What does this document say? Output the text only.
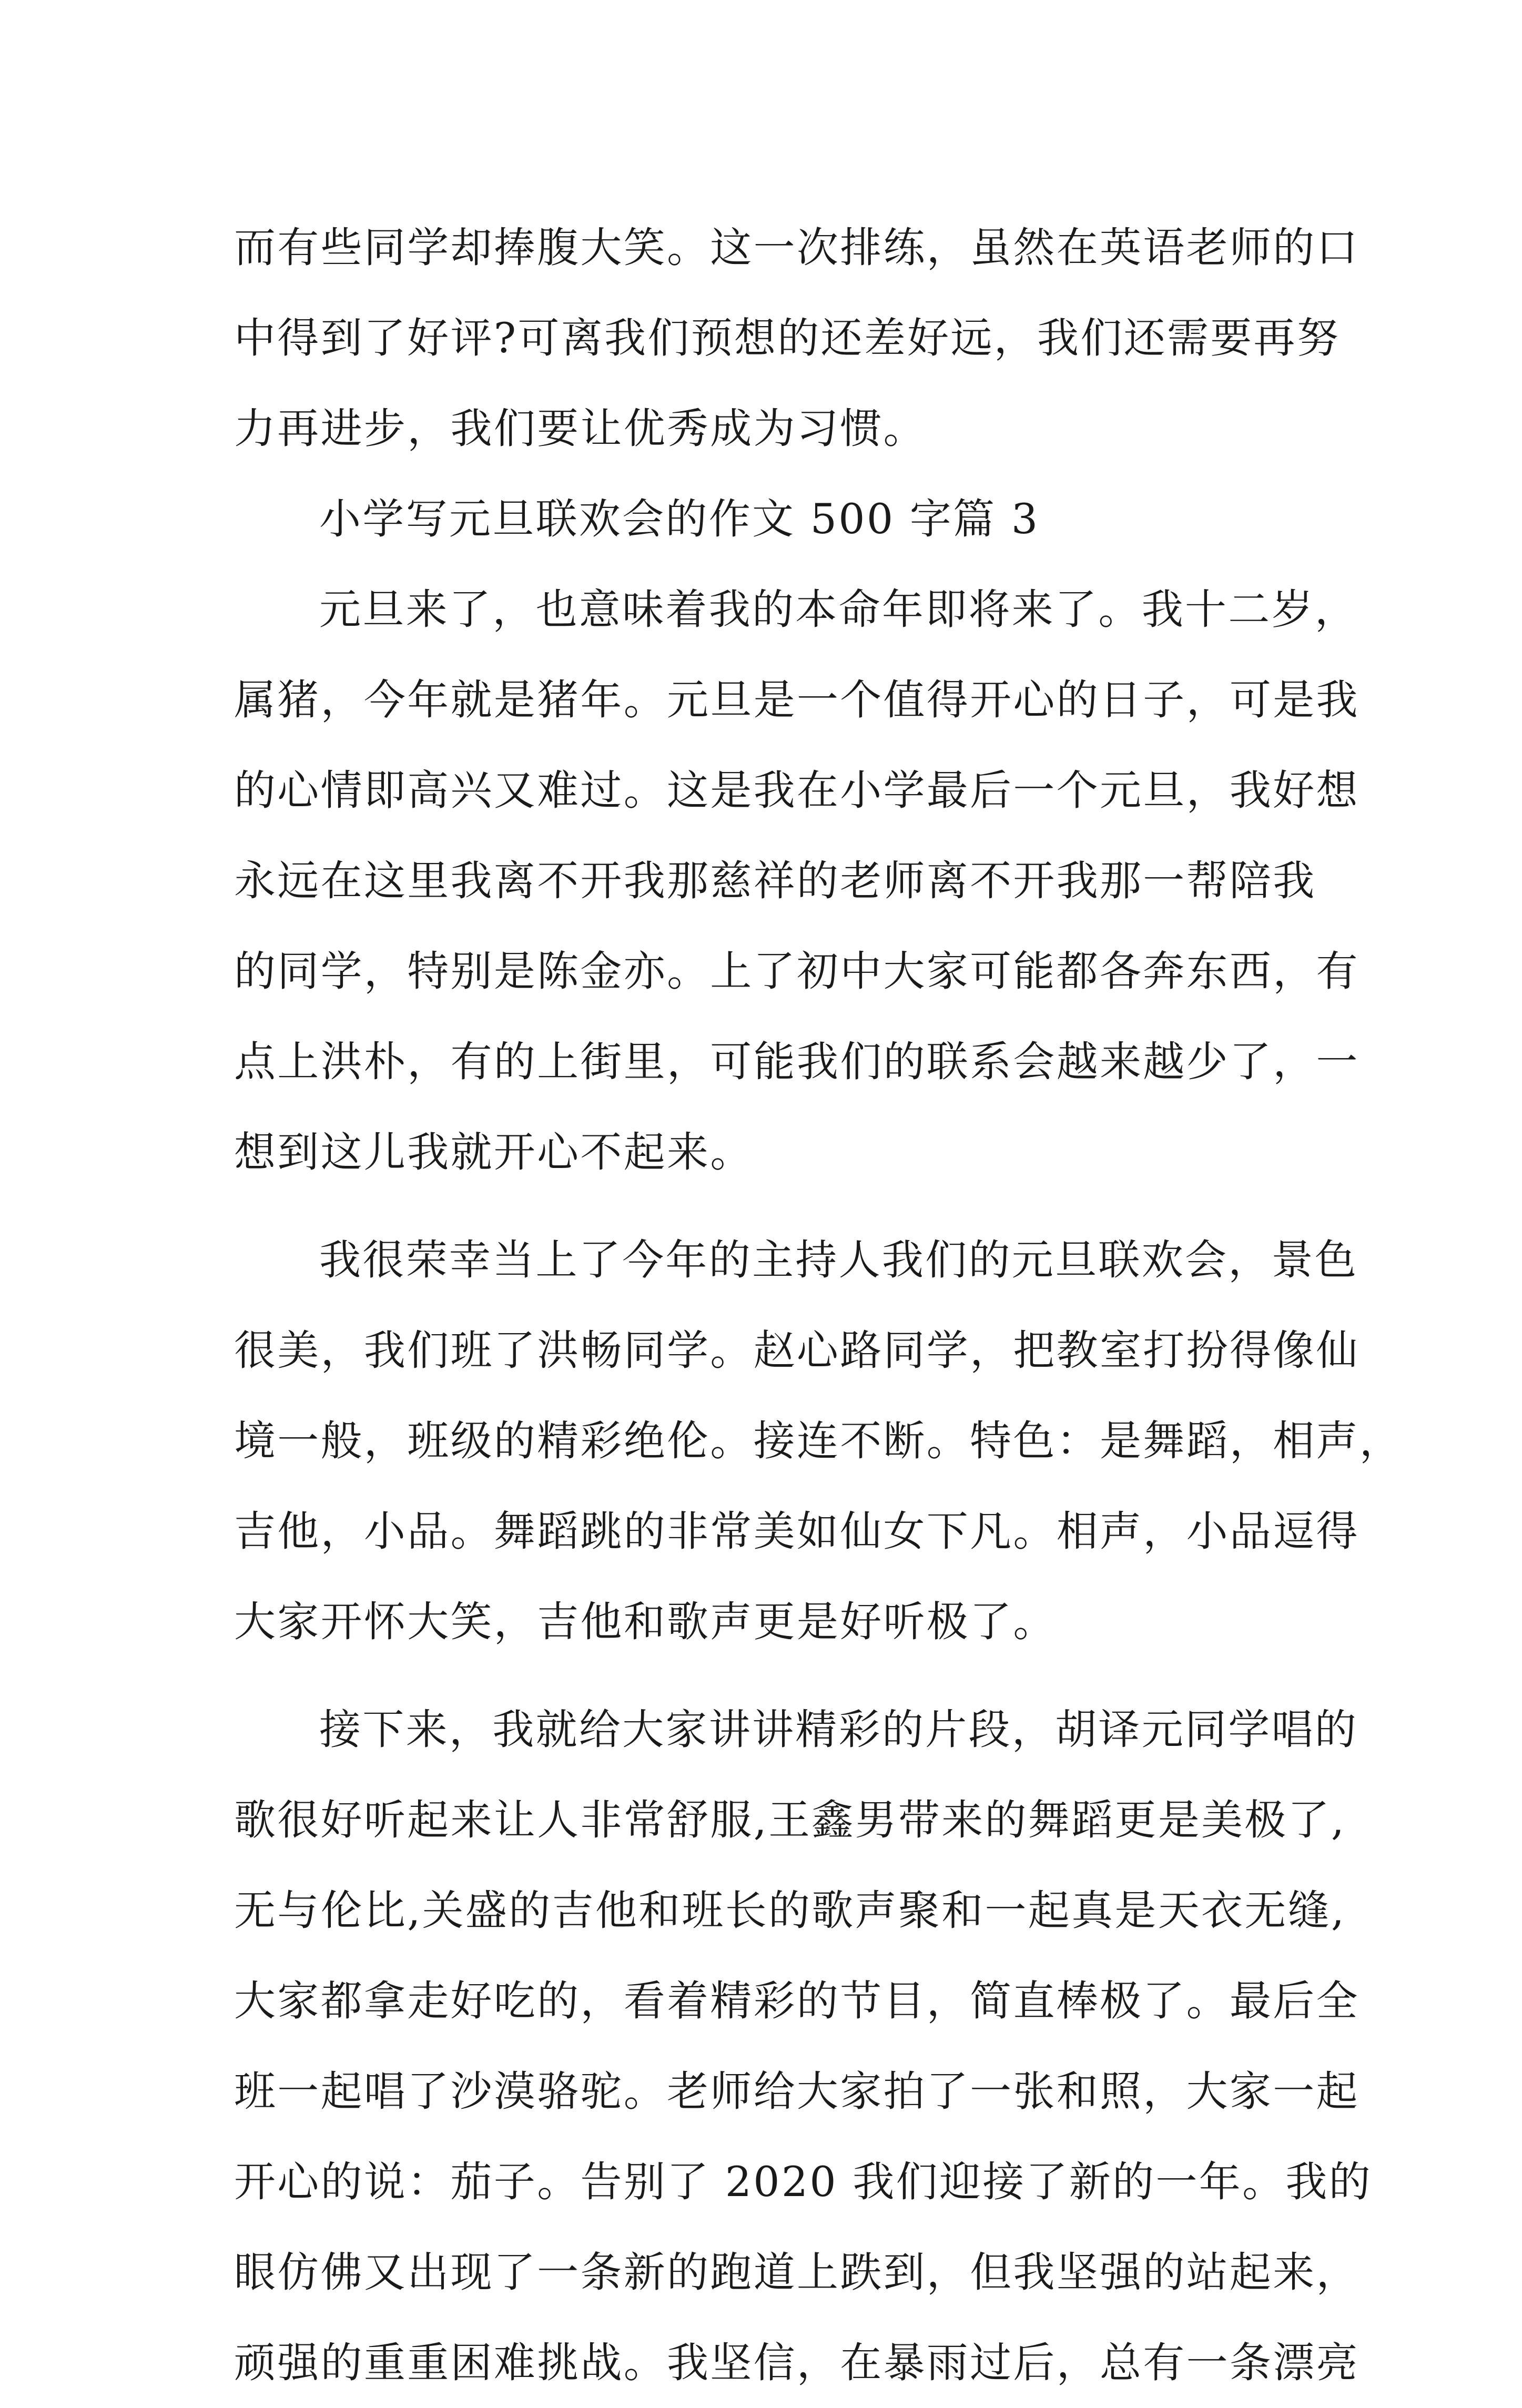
而有些同学却捧腹大笑。这一次排练，虽然在英语老师的口
中得到了好评?可离我们预想的还差好远，我们还需要再努
力再进步，我们要让优秀成为习惯。
小学写元旦联欢会的作文 500 字篇 3
元旦来了，也意味着我的本命年即将来了。我十二岁，
属猪，今年就是猪年。元旦是一个值得开心的日子，可是我
的心情即高兴又难过。这是我在小学最后一个元旦，我好想
永远在这里我离不开我那慈祥的老师离不开我那一帮陪我
的同学，特别是陈金亦。上了初中大家可能都各奔东西，有
点上洪朴，有的上街里，可能我们的联系会越来越少了，一
想到这儿我就开心不起来。
我很荣幸当上了今年的主持人我们的元旦联欢会，景色
很美，我们班了洪畅同学。赵心路同学，把教室打扮得像仙
境一般，班级的精彩绝伦。接连不断。特色：是舞蹈，相声，
吉他，小品。舞蹈跳的非常美如仙女下凡。相声，小品逗得
大家开怀大笑，吉他和歌声更是好听极了。
接下来，我就给大家讲讲精彩的片段，胡译元同学唱的
歌很好听起来让人非常舒服,王鑫男带来的舞蹈更是美极了,
无与伦比,关盛的吉他和班长的歌声聚和一起真是天衣无缝,
大家都拿走好吃的，看着精彩的节目，简直棒极了。最后全
班一起唱了沙漠骆驼。老师给大家拍了一张和照，大家一起
开心的说：茄子。告别了 2020 我们迎接了新的一年。我的
眼仿佛又出现了一条新的跑道上跌到，但我坚强的站起来，
顽强的重重困难挑战。我坚信，在暴雨过后，总有一条漂亮
